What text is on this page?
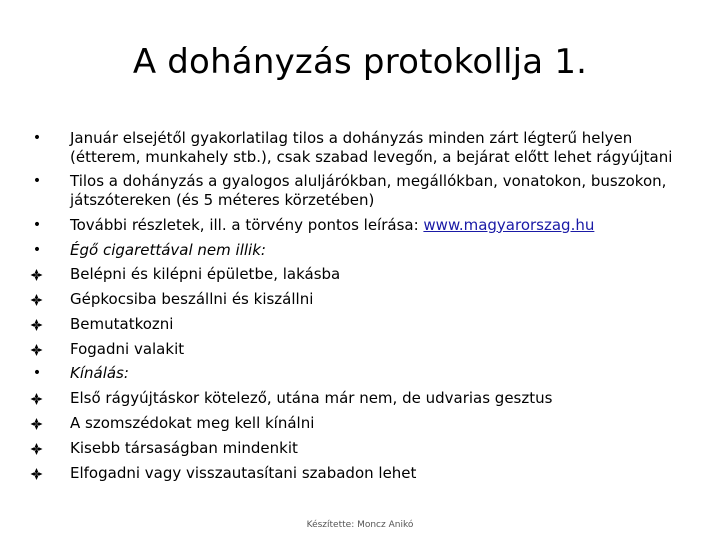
A dohányzás protokollja 1.
• Január elsejétől gyakorlatilag tilos a dohányzás minden zárt légterű helyen (étterem, munkahely stb.), csak szabad levegőn, a bejárat előtt lehet rágyújtani
• Tilos a dohányzás a gyalogos aluljárókban, megállókban, vonatokon, buszokon, játszótereken (és 5 méteres körzetében)
• További részletek, ill. a törvény pontos leírása: www.magyarorszag.hu
• Égő cigarettával nem illik:
Belépni és kilépni épületbe, lakásba
Gépkocsiba beszállni és kiszállni
Bemutatkozni
Fogadni valakit
• Kínálás:
Első rágyújtáskor kötelező, utána már nem, de udvarias gesztus
A szomszédokat meg kell kínálni
Kisebb társaságban mindenkit
Elfogadni vagy visszautasítani szabadon lehet
Készítette: Moncz Anikó
